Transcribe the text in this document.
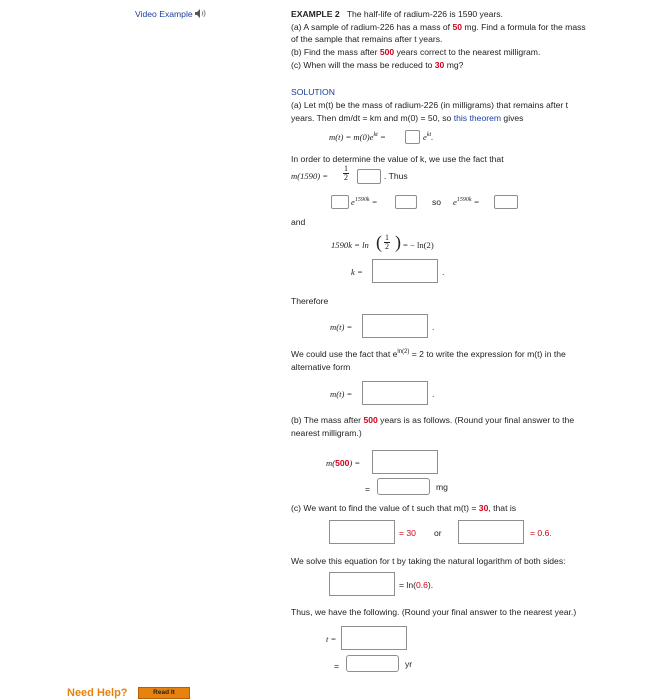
Video Example	EXAMPLE 2 The half-life of radium-226 is 1590 years.
(a) A sample of radium-226 has a mass of 50 mg. Find a formula for the mass
of the sample that remains after t years.
(b) Find the mass after 500 years correct to the nearest milligram.
(c) When will the mass be reduced to 30 mg?
SOLUTION
(a) Let m(t) be the mass of radium-226 (in milligrams) that remains after t
years. Then dm/dt = km and m(0) = 50, so this theorem gives
$m(t) = m(0)e^{kt}$ =	$e^{kt}$.
In order to determine the value of k, we use the fact that
$m(1590) = \frac{1}{2}$	. Thus
$e^{1590k}$ =	so $e^{1590k}$ =
and
1590k = ln ( $\frac{1}{2}$ ) = − ln(2)
k =	.
Therefore
m(t) =	.
We could use the fact that $e^{ln(2)} = 2$ to write the expression for m(t) in the
alternative form
m(t) =	.
(b) The mass after 500 years is as follows. (Round your final answer to the
nearest milligram.)
m(500) =
=	mg
(c) We want to find the value of t such that m(t) = 30, that is
= 30 or	= 0.6.
We solve this equation for t by taking the natural logarithm of both sides:
= ln(0.6).
Thus, we have the following. (Round your final answer to the nearest year.)
t =
=	yr
Need Help?	Read It
